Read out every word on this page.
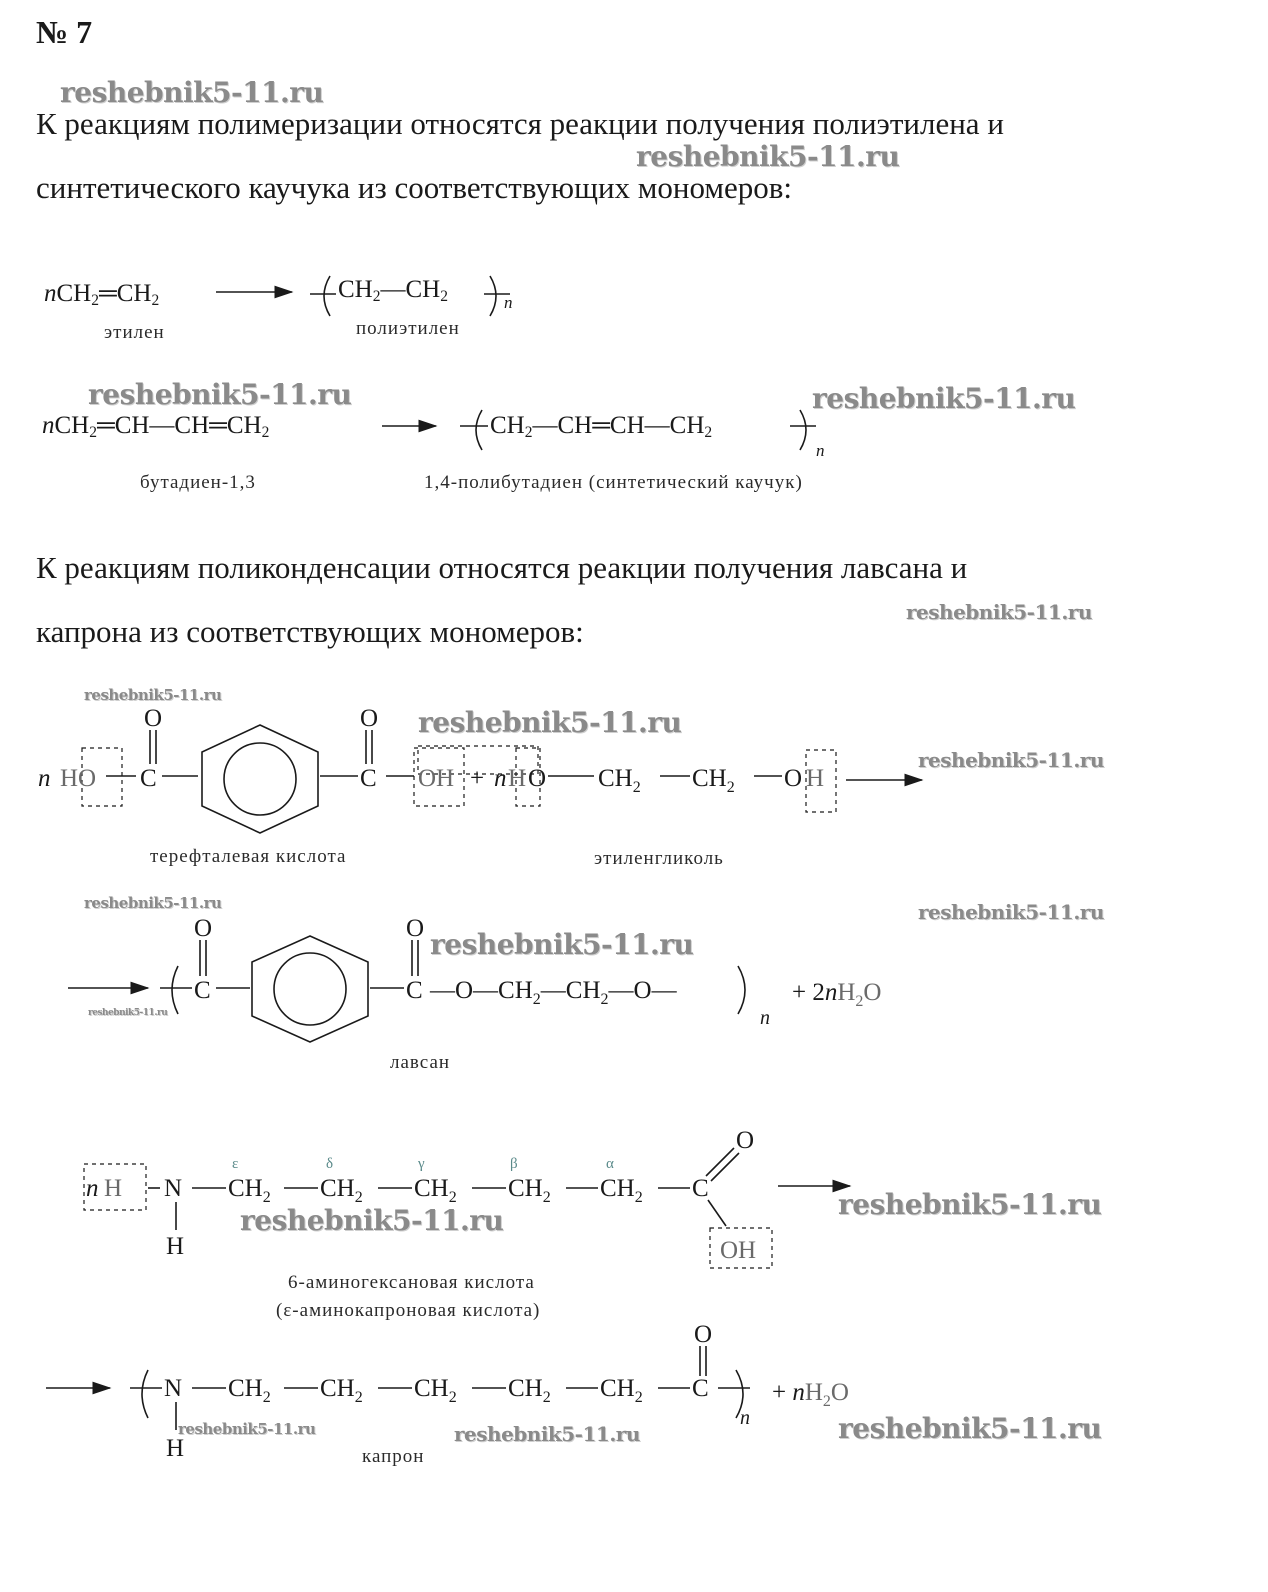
№ 7
reshebnik5-11.ru
К реакциям полимеризации относятся реакции получения полиэтилена и
reshebnik5-11.ru
синтетического каучука из соответствующих мономеров:
$nCH_2═CH_2$	$CH_2—CH_2$
этилен	полиэтилен
reshebnik5-11.ru	reshebnik5-11.ru
$nCH_2═CH—CH═CH_2$	$CH_2—CH═CH—CH_2$
бутадиен-1,3	1,4-полибутадиен (синтетический каучук)
К реакциям поликонденсации относятся реакции получения лавсана и
reshebnik5-11.ru
капрона из соответствующих мономеров:
reshebnik5-11.ru
reshebnik5-11.ru
reshebnik5-11.ru
терефталевая кислота	этиленгликоль
reshebnik5-11.ru	reshebnik5-11.ru
reshebnik5-11.ru
reshebnik5-11.ru
лавсан
reshebnik5-11.ru
reshebnik5-11.ru
6-аминогексановая кислота
(ε-аминокапроновая кислота)
reshebnik5-11.ru
reshebnik5-11.ru	reshebnik5-11.ru
капрон
n
n
n HO C
O
C
O
OH + n H O $CH_2$ $CH_2$ O H
O
C
O
C $—O—CH_2—CH_2—O—$
n
+ $2nH_2O$
n H N
H
$CH_2$ $CH_2$ $CH_2$ $CH_2$ $CH_2$ C
O
OH
ε	δ	γ	β	α
N
H
$CH_2$ $CH_2$ $CH_2$ $CH_2$ $CH_2$ C
O
n
+ $nH_2O$
